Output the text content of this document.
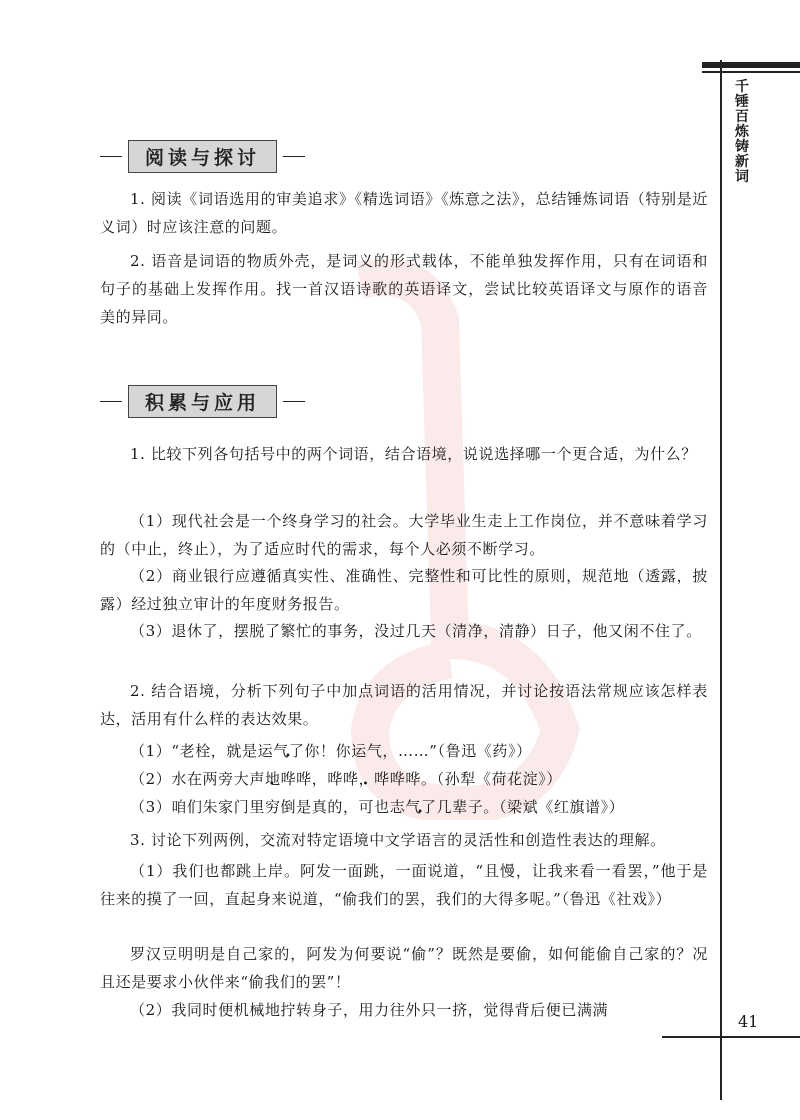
千锤百炼铸新词
阅读与探讨

1. 阅读《词语选用的审美追求》《精选词语》《炼意之法》，总结锤炼词语（特别是近义词）时应该注意的问题。

2. 语音是词语的物质外壳，是词义的形式载体，不能单独发挥作用，只有在词语和句子的基础上发挥作用。找一首汉语诗歌的英语译文，尝试比较英语译文与原作的语音美的异同。

积累与应用

1. 比较下列各句括号中的两个词语，结合语境，说说选择哪一个更合适，为什么？

（1）现代社会是一个终身学习的社会。大学毕业生走上工作岗位，并不意味着学习的（中止，终止），为了适应时代的需求，每个人必须不断学习。

（2）商业银行应遵循真实性、准确性、完整性和可比性的原则，规范地（透露，披露）经过独立审计的年度财务报告。

（3）退休了，摆脱了繁忙的事务，没过几天（清净，清静）日子，他又闲不住了。

2. 结合语境，分析下列句子中加点词语的活用情况，并讨论按语法常规应该怎样表达，活用有什么样的表达效果。

（1）“老栓，就是运气了你！你运气，……”（鲁迅《药》）

（2）水在两旁大声地哗哗，哗哗，哗哗哗 •。（孙犁《荷花淀》）

（3）咱们朱家门里穷倒是真的，可也志气了几辈子。（梁斌《红旗谱》）

3. 讨论下列两例，交流对特定语境中文学语言的灵活性和创造性表达的理解。

（1）我们也都跳上岸。阿发一面跳，一面说道，“且慢，让我来看一看罢，”他于是往来的摸了一回，直起身来说道，“偷我们的罢，我们的大得多呢。”（鲁迅《社戏》）

罗汉豆明明是自己家的，阿发为何要说“偷”？既然是要偷，如何能偷自己家的？况且还是要求小伙伴来“偷我们的罢”！

（2）我同时便机械地拧转身子，用力往外只一挤，觉得背后便已满满

41
